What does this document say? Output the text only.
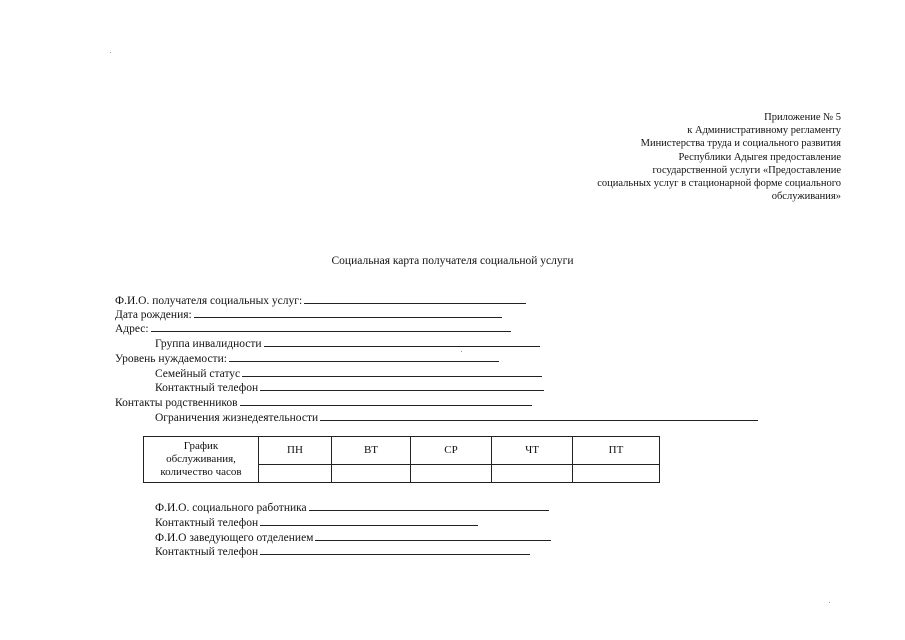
Приложение № 5
к Административному регламенту
Министерства труда и социального развития
Республики Адыгея предоставление
государственной услуги «Предоставление
социальных услуг в стационарной форме социального
обслуживания»
Социальная карта получателя социальной услуги
Ф.И.О. получателя социальных услуг:
Дата рождения:
Адрес:
Группа инвалидности
Уровень нуждаемости:
Семейный статус
Контактный телефон
Контакты родственников
Ограничения жизнедеятельности
График
обслуживания,
количество часов	ПН	ВТ	СР	ЧТ	ПТ

Ф.И.О. социального работника
Контактный телефон
Ф.И.О заведующего отделением
Контактный телефон
